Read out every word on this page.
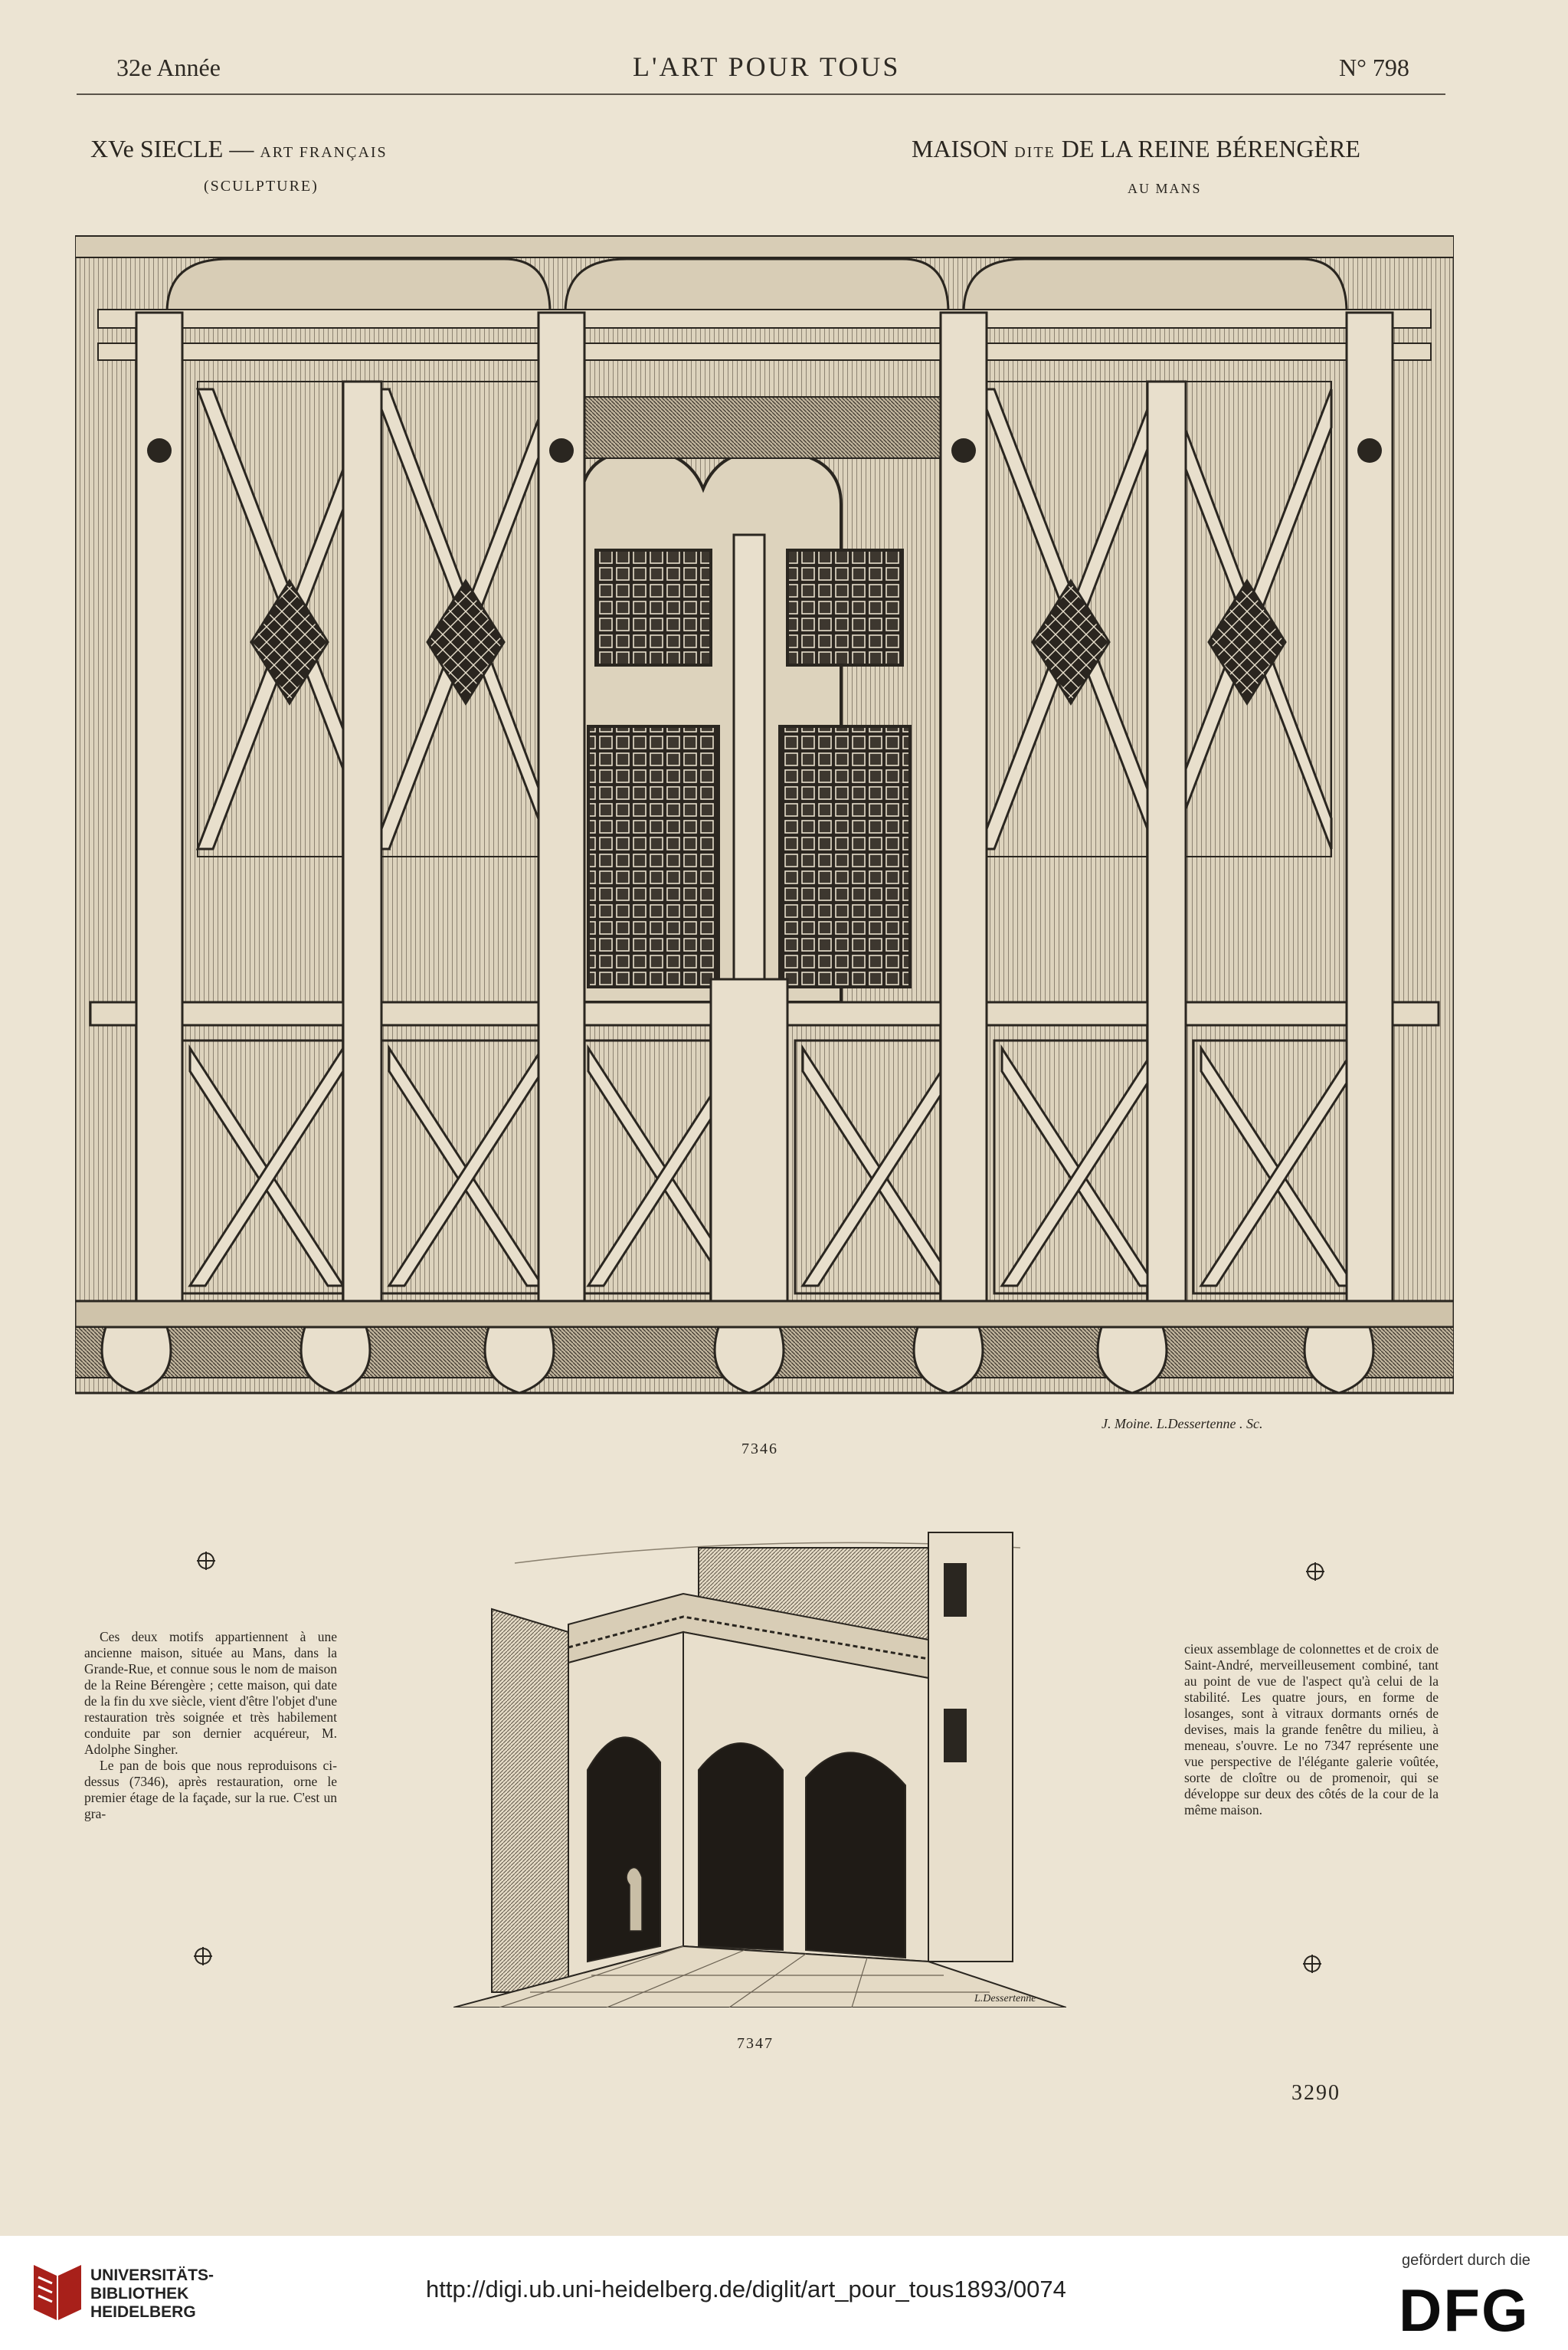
32e Année	L'ART POUR TOUS	N° 798
XVe SIECLE — ART FRANÇAIS
(SCULPTURE)
MAISON DITE DE LA REINE BÉRENGÈRE
AU MANS
J. Moine. L.Dessertenne . Sc.
7346

Ces deux motifs appartiennent à une ancienne maison, située au Mans, dans la Grande-Rue, et connue sous le nom de maison de la Reine Bérengère ; cette maison, qui date de la fin du xve siècle, vient d'être l'objet d'une restauration très soignée et très habilement conduite par son dernier acquéreur, M. Adolphe Singher.

Le pan de bois que nous reproduisons ci-dessus (7346), après restauration, orne le premier étage de la façade, sur la rue. C'est un gra-

L.Dessertenne
7347

cieux assemblage de colonnettes et de croix de Saint-André, merveilleusement combiné, tant au point de vue de l'aspect qu'à celui de la stabilité. Les quatre jours, en forme de losanges, sont à vitraux dormants ornés de devises, mais la grande fenêtre du milieu, à meneau, s'ouvre. Le no 7347 représente une vue perspective de l'élégante galerie voûtée, sorte de cloître ou de promenoir, qui se développe sur deux des côtés de la cour de la même maison.

3290
UNIVERSITÄTS-
BIBLIOTHEK
HEIDELBERG
http://digi.ub.uni-heidelberg.de/diglit/art_pour_tous1893/0074
gefördert durch die
DFG
